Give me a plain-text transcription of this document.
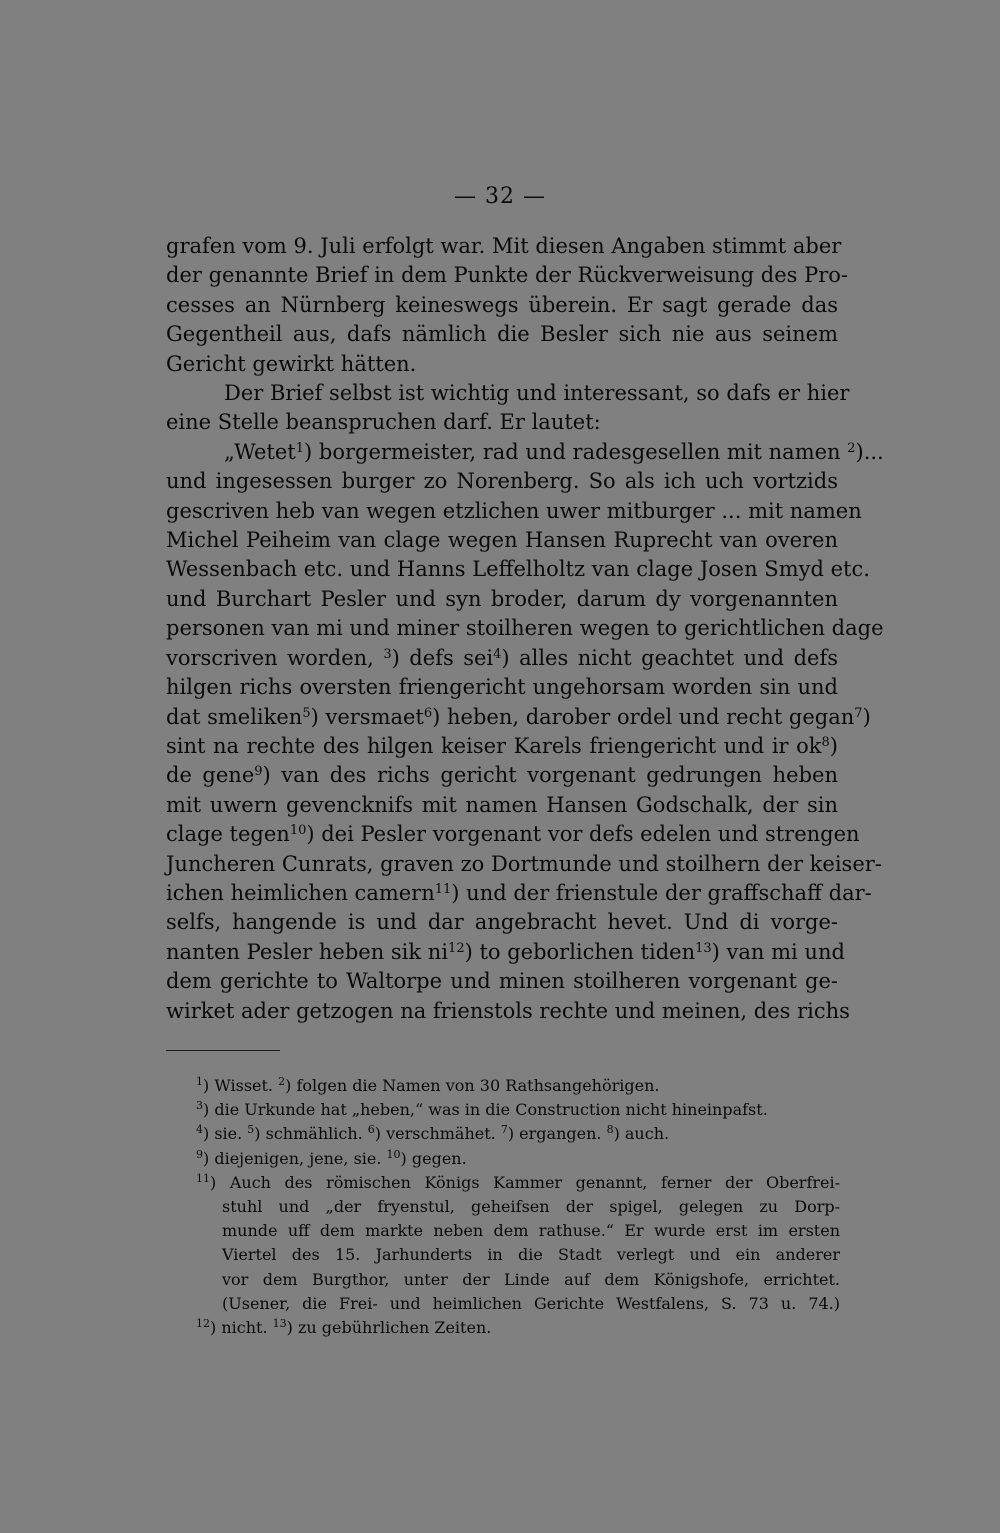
— 32 —
grafen vom 9. Juli erfolgt war. Mit diesen Angaben stimmt aber
der genannte Brief in dem Punkte der Rückverweisung des Pro-
cesses an Nürnberg keineswegs überein. Er sagt gerade das
Gegentheil aus, dafs nämlich die Besler sich nie aus seinem
Gericht gewirkt hätten.
Der Brief selbst ist wichtig und interessant, so dafs er hier
eine Stelle beanspruchen darf. Er lautet:
„Wetet$^1$) borgermeister, rad und radesgesellen mit namen $^2$)...
und ingesessen burger zo Norenberg. So als ich uch vortzids
gescriven heb van wegen etzlichen uwer mitburger ... mit namen
Michel Peiheim van clage wegen Hansen Ruprecht van overen
Wessenbach etc. und Hanns Leffelholtz van clage Josen Smyd etc.
und Burchart Pesler und syn broder, darum dy vorgenannten
personen van mi und miner stoilheren wegen to gerichtlichen dage
vorscriven worden, $^3$) defs sei$^4$) alles nicht geachtet und defs
hilgen richs oversten friengericht ungehorsam worden sin und
dat smeliken$^5$) versmaet$^6$) heben, darober ordel und recht gegan$^7$)
sint na rechte des hilgen keiser Karels friengericht und ir $ok^8$)
de gene$^9$) van des richs gericht vorgenant gedrungen heben
mit uwern gevencknifs mit namen Hansen Godschalk, der sin
clage tegen$^{10}$) dei Pesler vorgenant vor defs edelen und strengen
Juncheren Cunrats, graven zo Dortmunde und stoilhern der keiser-
ichen heimlichen camern$^{11}$) und der frienstule der graffschaff dar-
selfs, hangende is und dar angebracht hevet. Und di vorge-
nanten Pesler heben sik $ni^{12}$) to geborlichen tiden$^{13}$) van mi und
dem gerichte to Waltorpe und minen stoilheren vorgenant ge-
wirket ader getzogen na frienstols rechte und meinen, des richs
$^1$) Wisset. $^2$) folgen die Namen von 30 Rathsangehörigen.
$^3$) die Urkunde hat „heben,“ was in die Construction nicht hineinpafst.
$^4$) sie. $^5$) schmählich. $^6$) verschmähet. $^7$) ergangen. $^8$) auch.
$^9$) diejenigen, jene, sie. $^{10}$) gegen.
$^{11}$) Auch des römischen Königs Kammer genannt, ferner der Oberfrei-
stuhl und „der fryenstul, geheifsen der spigel, gelegen zu Dorp-
munde uff dem markte neben dem rathuse.“ Er wurde erst im ersten
Viertel des 15. Jarhunderts in die Stadt verlegt und ein anderer
vor dem Burgthor, unter der Linde auf dem Königshofe, errichtet.
(Usener, die Frei- und heimlichen Gerichte Westfalens, S. 73 u. 74.)
$^{12}$) nicht. $^{13}$) zu gebührlichen Zeiten.
